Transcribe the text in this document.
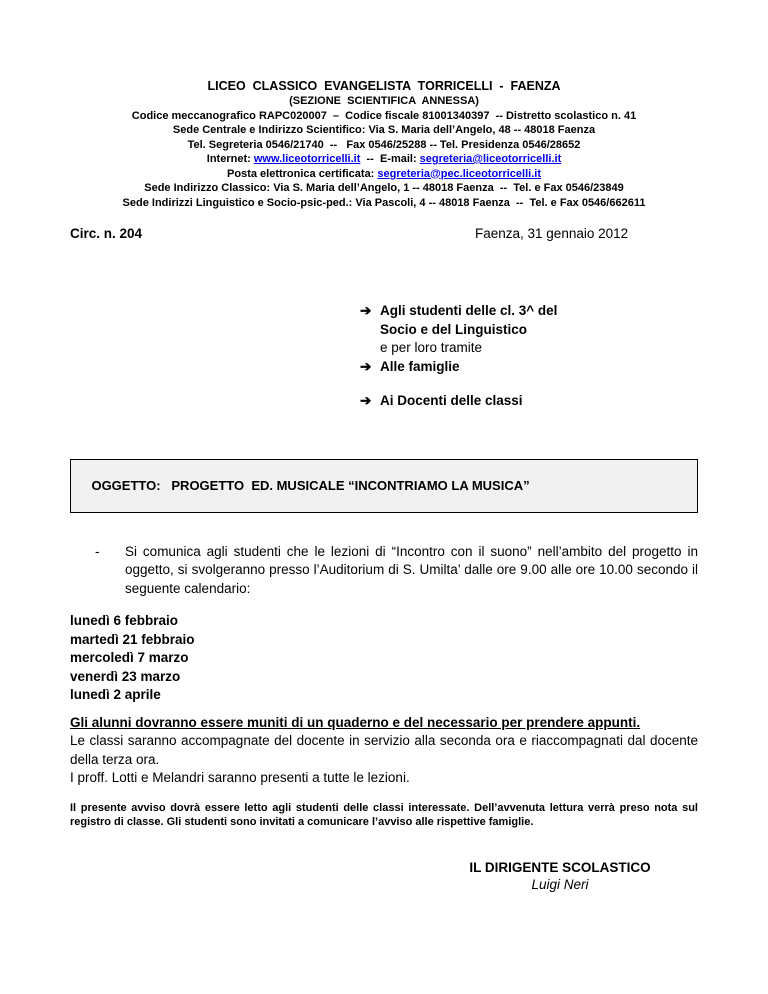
LICEO  CLASSICO  EVANGELISTA  TORRICELLI  -  FAENZA
(SEZIONE  SCIENTIFICA  ANNESSA)
Codice meccanografico RAPC020007  –  Codice fiscale 81001340397  -- Distretto scolastico n. 41
Sede Centrale e Indirizzo Scientifico: Via S. Maria dell’Angelo, 48 -- 48018 Faenza
Tel. Segreteria 0546/21740  --   Fax 0546/25288 -- Tel. Presidenza 0546/28652
Internet: www.liceotorricelli.it  --  E-mail: segreteria@liceotorricelli.it
Posta elettronica certificata: segreteria@pec.liceotorricelli.it
Sede Indirizzo Classico: Via S. Maria dell’Angelo, 1 -- 48018 Faenza  --  Tel. e Fax 0546/23849
Sede Indirizzi Linguistico e Socio-psic-ped.: Via Pascoli, 4 -- 48018 Faenza  --  Tel. e Fax 0546/662611
Circ. n. 204	Faenza, 31 gennaio 2012
➔ Agli studenti delle cl. 3^ del
Socio e del Linguistico
e per loro tramite
➔ Alle famiglie
➔ Ai Docenti delle classi

OGGETTO:   PROGETTO  ED. MUSICALE “INCONTRIAMO LA MUSICA”

-	Si comunica agli studenti che le lezioni di “Incontro con il suono” nell’ambito del progetto in oggetto, si svolgeranno presso l’Auditorium di S. Umilta’ dalle ore 9.00 alle ore 10.00 secondo il seguente calendario:
lunedì 6 febbraio
martedì 21 febbraio
mercoledì 7 marzo
venerdì 23 marzo
lunedì 2 aprile
Gli alunni dovranno essere muniti di un quaderno e del necessario per prendere appunti.
Le classi saranno accompagnate del docente in servizio alla seconda ora e riaccompagnati dal docente della terza ora.
I proff. Lotti e Melandri saranno presenti a tutte le lezioni.
Il presente avviso dovrà essere letto agli studenti delle classi interessate. Dell’avvenuta lettura verrà preso nota sul registro di classe. Gli studenti sono invitati a comunicare l’avviso alle rispettive famiglie.
IL DIRIGENTE SCOLASTICO
Luigi Neri
